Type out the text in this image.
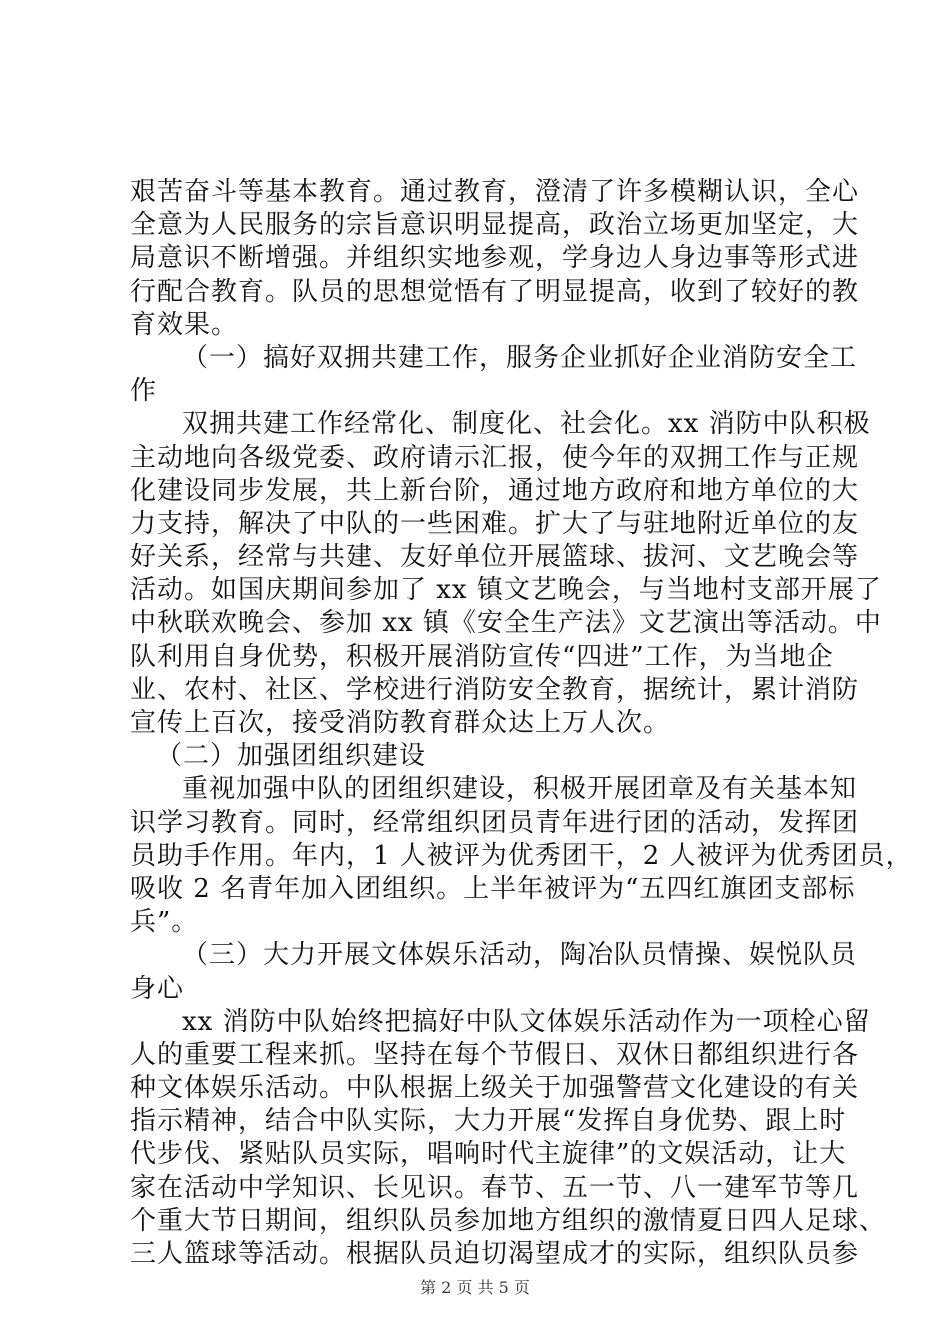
艰苦奋斗等基本教育。通过教育，澄清了许多模糊认识，全心
全意为人民服务的宗旨意识明显提高，政治立场更加坚定，大
局意识不断增强。并组织实地参观，学身边人身边事等形式进
行配合教育。队员的思想觉悟有了明显提高，收到了较好的教
育效果。
（一）搞好双拥共建工作，服务企业抓好企业消防安全工
作
双拥共建工作经常化、制度化、社会化。xx 消防中队积极
主动地向各级党委、政府请示汇报，使今年的双拥工作与正规
化建设同步发展，共上新台阶，通过地方政府和地方单位的大
力支持，解决了中队的一些困难。扩大了与驻地附近单位的友
好关系，经常与共建、友好单位开展篮球、拔河、文艺晚会等
活动。如国庆期间参加了 xx 镇文艺晚会，与当地村支部开展了
中秋联欢晚会、参加 xx 镇《安全生产法》文艺演出等活动。中
队利用自身优势，积极开展消防宣传“四进”工作，为当地企
业、农村、社区、学校进行消防安全教育，据统计，累计消防
宣传上百次，接受消防教育群众达上万人次。
（二）加强团组织建设
重视加强中队的团组织建设，积极开展团章及有关基本知
识学习教育。同时，经常组织团员青年进行团的活动，发挥团
员助手作用。年内，1 人被评为优秀团干，2 人被评为优秀团员，
吸收 2 名青年加入团组织。上半年被评为“五四红旗团支部标
兵”。
（三）大力开展文体娱乐活动，陶冶队员情操、娱悦队员
身心
xx 消防中队始终把搞好中队文体娱乐活动作为一项栓心留
人的重要工程来抓。坚持在每个节假日、双休日都组织进行各
种文体娱乐活动。中队根据上级关于加强警营文化建设的有关
指示精神，结合中队实际，大力开展“发挥自身优势、跟上时
代步伐、紧贴队员实际，唱响时代主旋律”的文娱活动，让大
第 2 页 共 5 页
家在活动中学知识、长见识。春节、五一节、八一建军节等几
个重大节日期间，组织队员参加地方组织的激情夏日四人足球、
三人篮球等活动。根据队员迫切渴望成才的实际，组织队员参
